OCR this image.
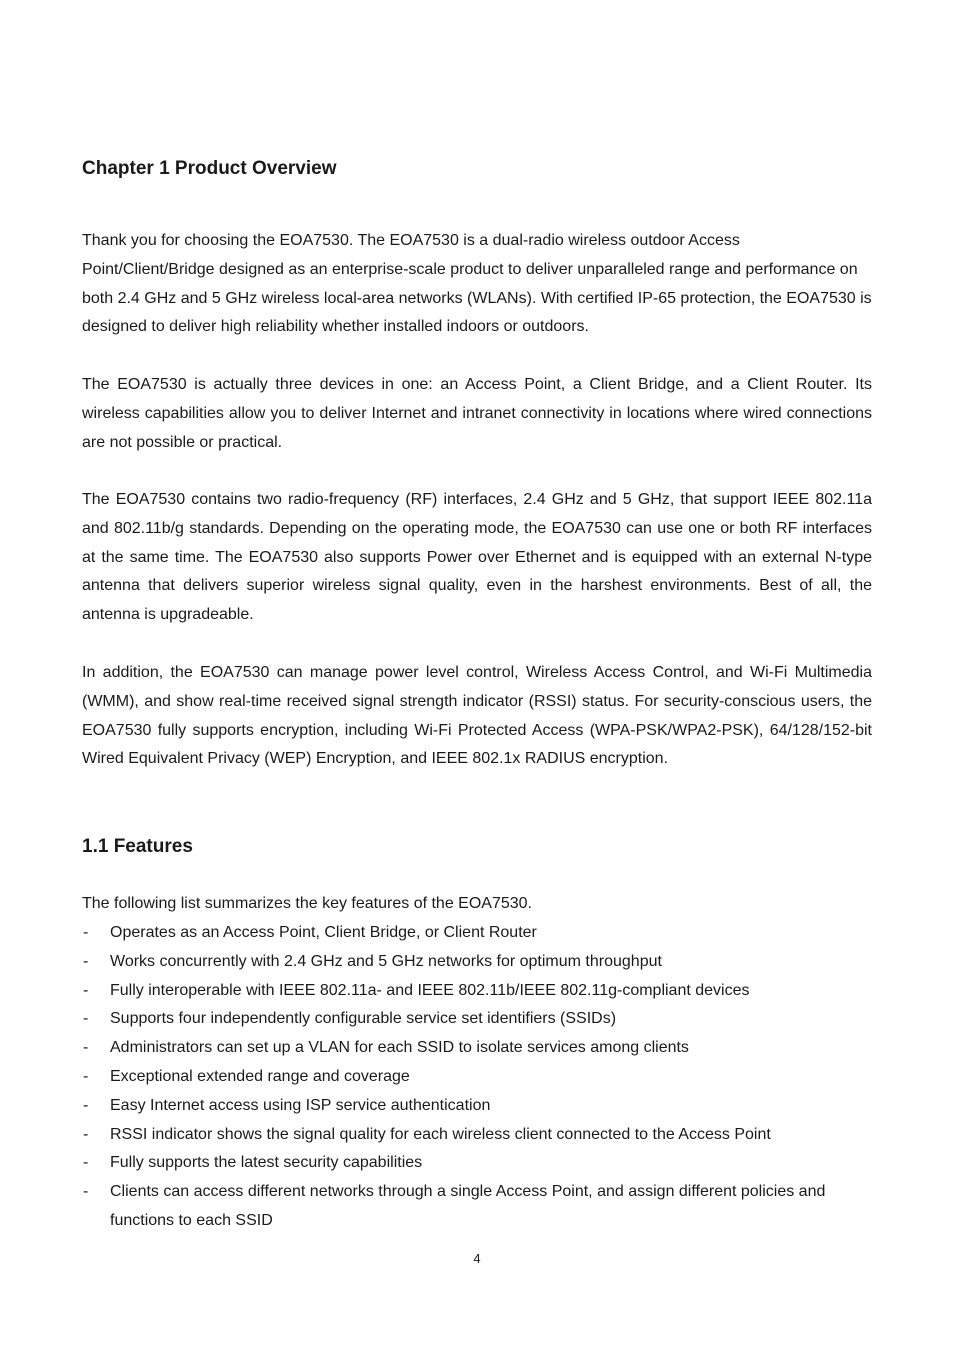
Chapter 1 Product Overview

Thank you for choosing the EOA7530. The EOA7530 is a dual-radio wireless outdoor Access Point/Client/Bridge designed as an enterprise-scale product to deliver unparalleled range and performance on both 2.4 GHz and 5 GHz wireless local-area networks (WLANs). With certified IP-65 protection, the EOA7530 is designed to deliver high reliability whether installed indoors or outdoors.

The EOA7530 is actually three devices in one: an Access Point, a Client Bridge, and a Client Router. Its wireless capabilities allow you to deliver Internet and intranet connectivity in locations where wired connections are not possible or practical.

The EOA7530 contains two radio-frequency (RF) interfaces, 2.4 GHz and 5 GHz, that support IEEE 802.11a and 802.11b/g standards. Depending on the operating mode, the EOA7530 can use one or both RF interfaces at the same time. The EOA7530 also supports Power over Ethernet and is equipped with an external N-type antenna that delivers superior wireless signal quality, even in the harshest environments. Best of all, the antenna is upgradeable.

In addition, the EOA7530 can manage power level control, Wireless Access Control, and Wi-Fi Multimedia (WMM), and show real-time received signal strength indicator (RSSI) status. For security-conscious users, the EOA7530 fully supports encryption, including Wi-Fi Protected Access (WPA-PSK/WPA2-PSK), 64/128/152-bit Wired Equivalent Privacy (WEP) Encryption, and IEEE 802.1x RADIUS encryption.

1.1 Features

The following list summarizes the key features of the EOA7530.

- Operates as an Access Point, Client Bridge, or Client Router
- Works concurrently with 2.4 GHz and 5 GHz networks for optimum throughput
- Fully interoperable with IEEE 802.11a- and IEEE 802.11b/IEEE 802.11g-compliant devices
- Supports four independently configurable service set identifiers (SSIDs)
- Administrators can set up a VLAN for each SSID to isolate services among clients
- Exceptional extended range and coverage
- Easy Internet access using ISP service authentication
- RSSI indicator shows the signal quality for each wireless client connected to the Access Point
- Fully supports the latest security capabilities
- Clients can access different networks through a single Access Point, and assign different policies and functions to each SSID
4
